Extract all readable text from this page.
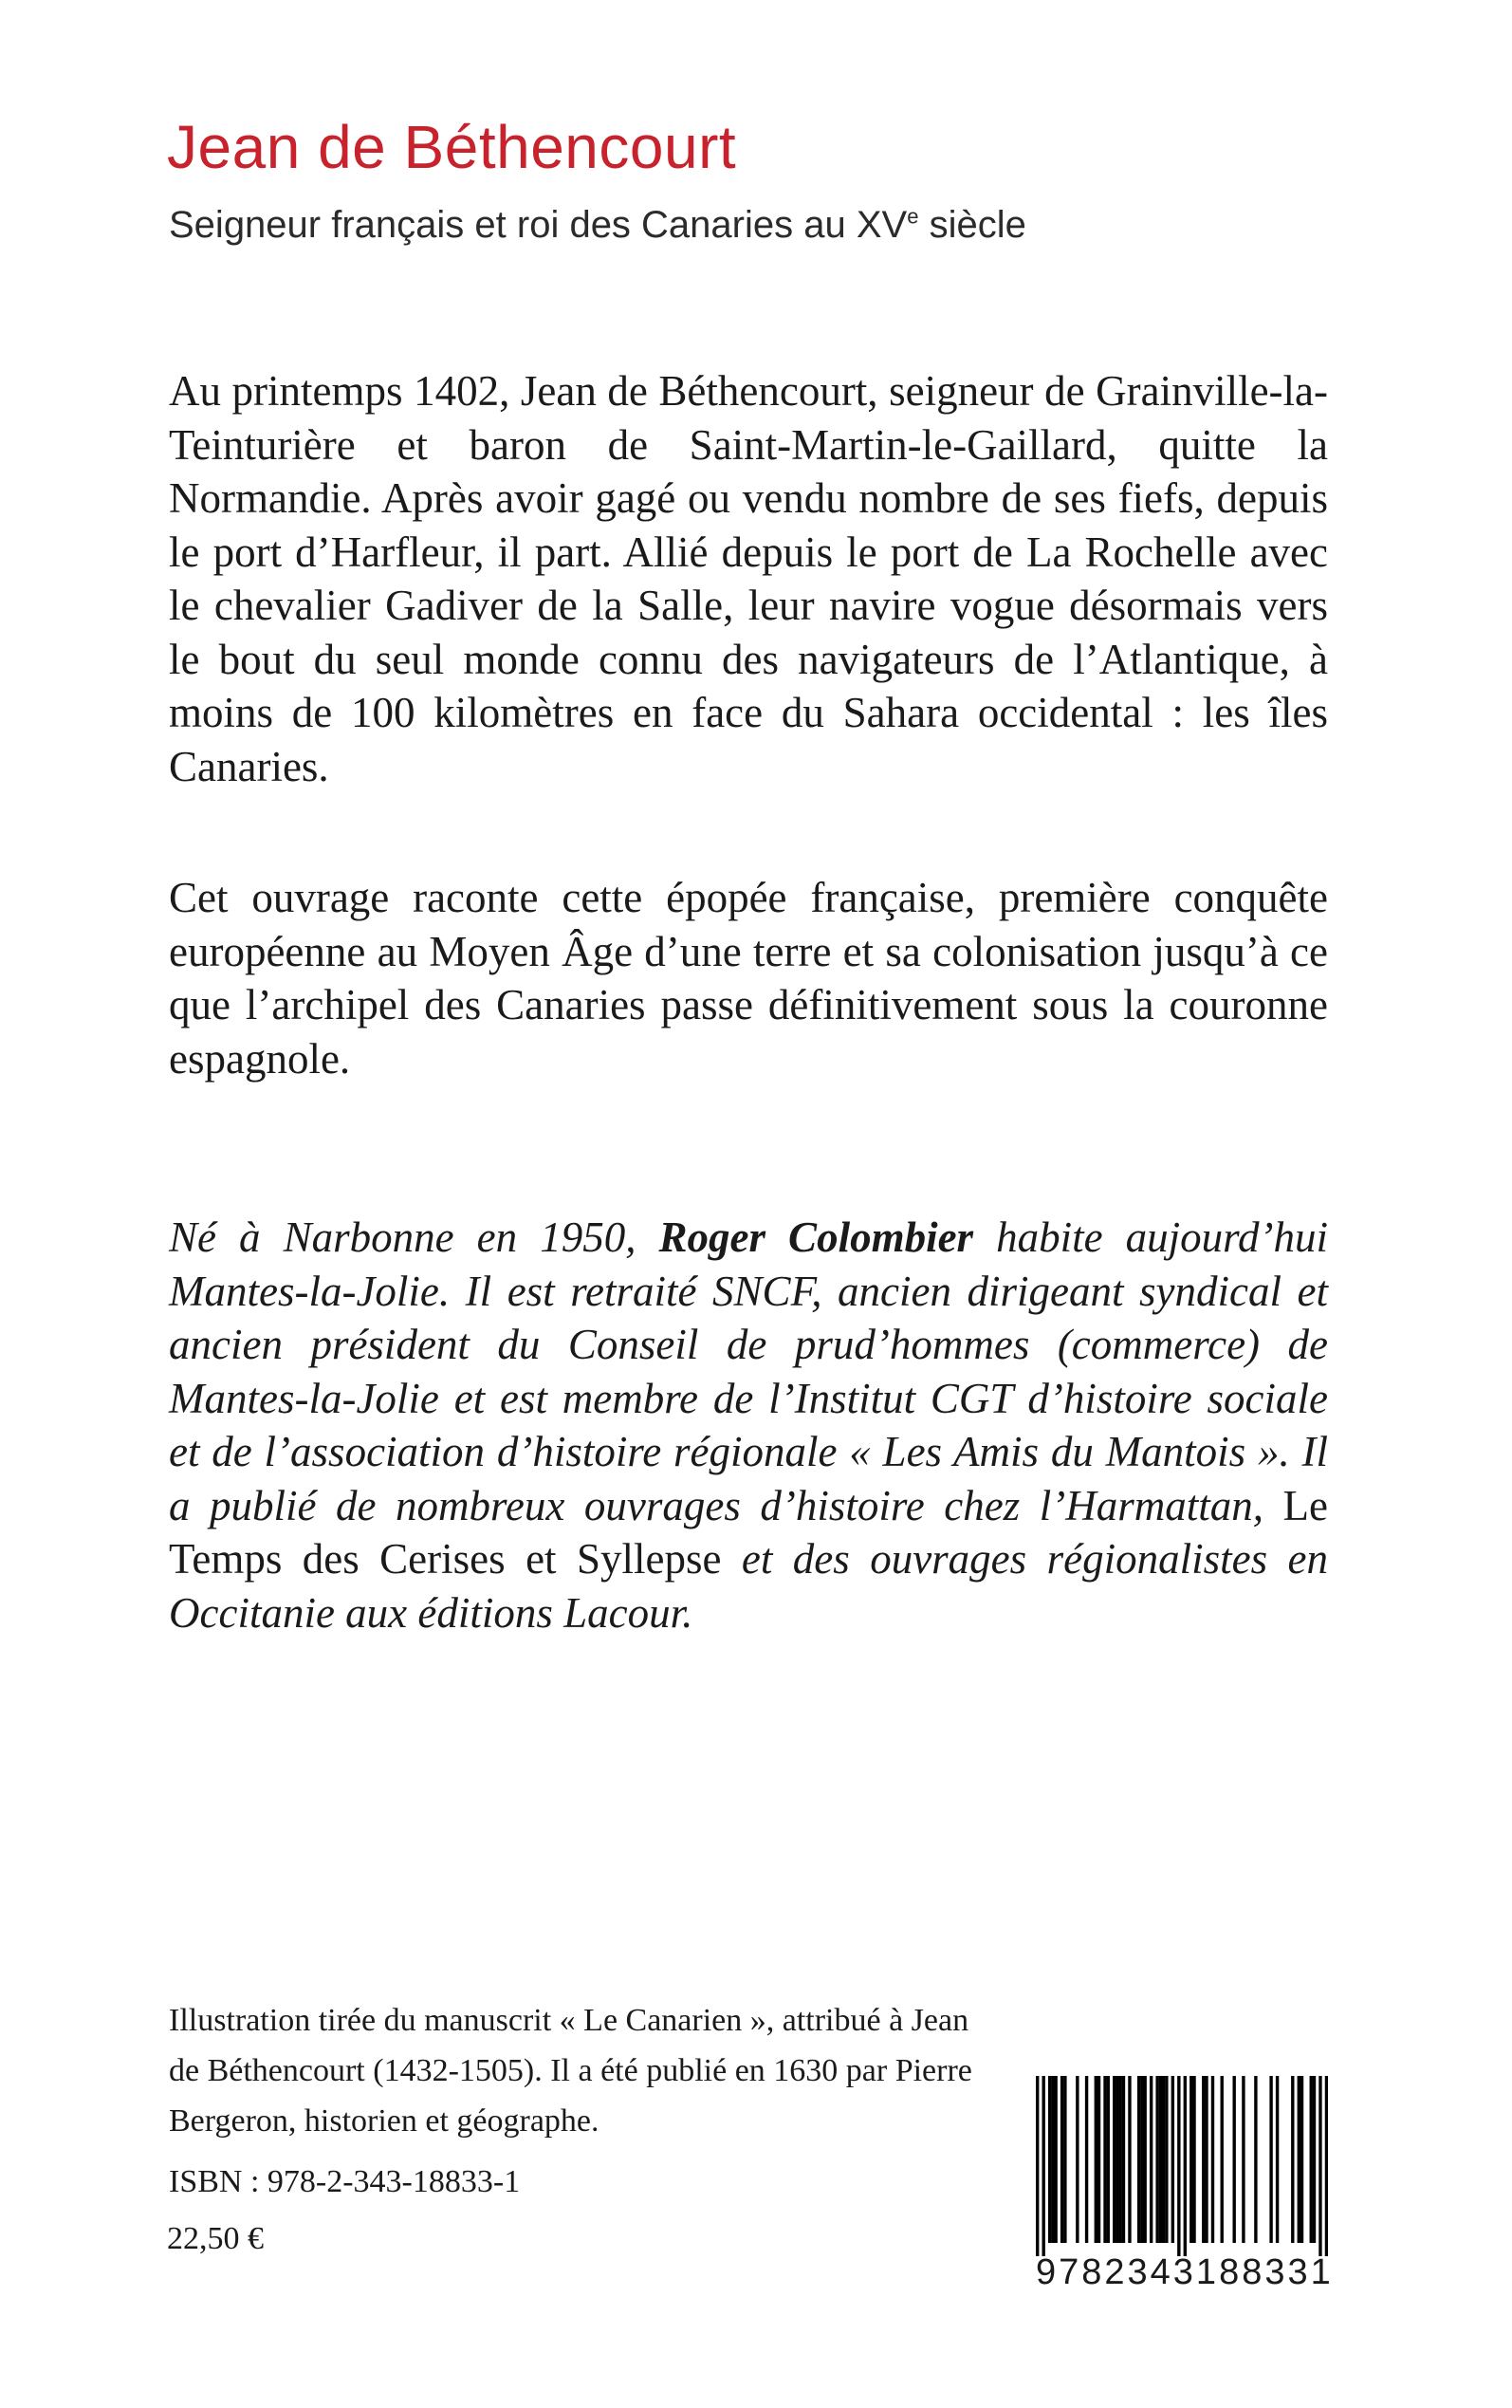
Jean de Béthencourt
Seigneur français et roi des Canaries au XVe siècle

Au printemps 1402, Jean de Béthencourt, seigneur de Grainville-la-Teinturière et baron de Saint-Martin-le-Gaillard, quitte la Normandie. Après avoir gagé ou vendu nombre de ses fiefs, depuis le port d’Harfleur, il part. Allié depuis le port de La Rochelle avec le chevalier Gadiver de la Salle, leur navire vogue désormais vers le bout du seul monde connu des navigateurs de l’Atlantique, à moins de 100 kilomètres en face du Sahara occidental : les îles Canaries.

Cet ouvrage raconte cette épopée française, première conquête européenne au Moyen Âge d’une terre et sa colonisation jusqu’à ce que l’archipel des Canaries passe définitivement sous la couronne espagnole.

Né à Narbonne en 1950, Roger Colombier habite aujourd’hui Mantes-la-Jolie. Il est retraité SNCF, ancien dirigeant syndical et ancien président du Conseil de prud’hommes (commerce) de Mantes-la-Jolie et est membre de l’Institut CGT d’histoire sociale et de l’association d’histoire régionale « Les Amis du Mantois ». Il a publié de nombreux ouvrages d’histoire chez l’Harmattan, Le Temps des Cerises et Syllepse et des ouvrages régionalistes en Occitanie aux éditions Lacour.

Illustration tirée du manuscrit « Le Canarien », attribué à Jean de Béthencourt (1432-1505). Il a été publié en 1630 par Pierre Bergeron, historien et géographe.

ISBN : 978-2-343-18833-1
22,50 €
9782343188331
